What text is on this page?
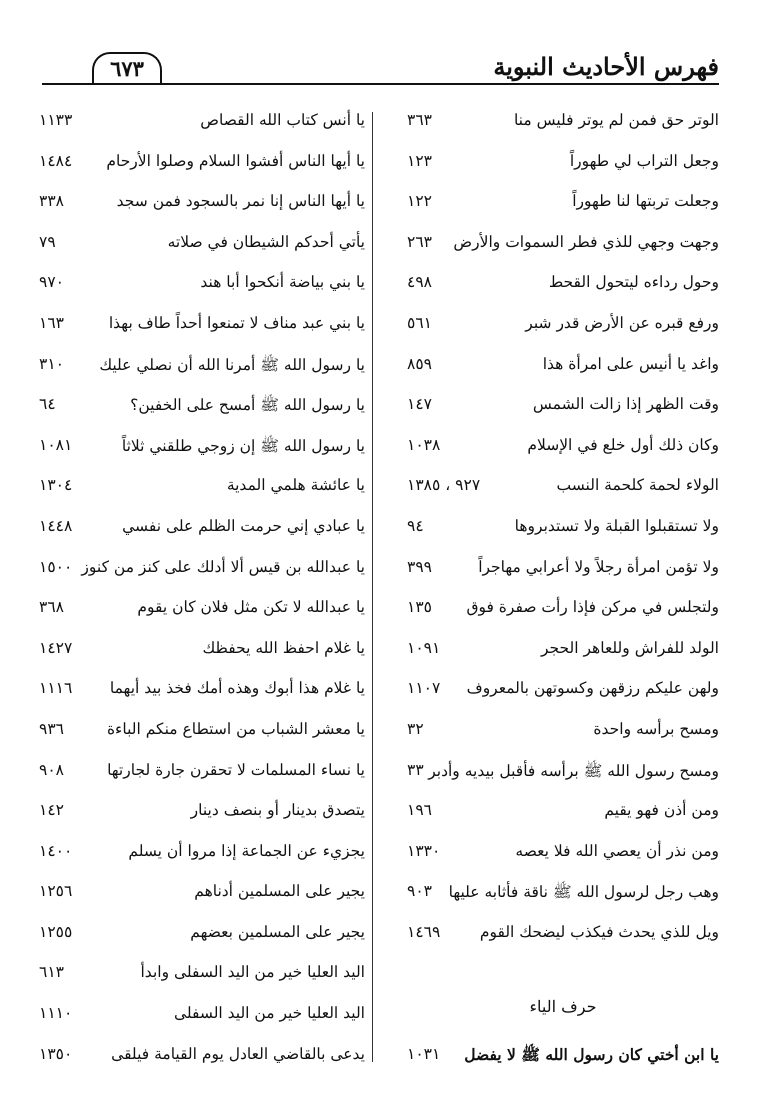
فهرس الأحاديث النبوية
٦٧٣
الوتر حق فمن لم يوتر فليس منا
٣٦٣
وجعل التراب لي طهوراً
١٢٣
وجعلت تربتها لنا طهوراً
١٢٢
وجهت وجهي للذي فطر السموات والأرض
٢٦٣
وحول رداءه ليتحول القحط
٤٩٨
ورفع قبره عن الأرض قدر شبر
٥٦١
واغد يا أنيس على امرأة هذا
٨٥٩
وقت الظهر إذا زالت الشمس
١٤٧
وكان ذلك أول خلع في الإسلام
١٠٣٨
الولاء لحمة كلحمة النسب
٩٢٧ ، ١٣٨٥
ولا تستقبلوا القبلة ولا تستدبروها
٩٤
ولا تؤمن امرأة رجلاً ولا أعرابي مهاجراً
٣٩٩
ولتجلس في مركن فإذا رأت صفرة فوق
١٣٥
الولد للفراش وللعاهر الحجر
١٠٩١
ولهن عليكم رزقهن وكسوتهن بالمعروف
١١٠٧
ومسح برأسه واحدة
٣٢
ومسح رسول الله ﷺ برأسه فأقبل بيديه وأدبر
٣٣
ومن أذن فهو يقيم
١٩٦
ومن نذر أن يعصي الله فلا يعصه
١٣٣٠
وهب رجل لرسول الله ﷺ ناقة فأثابه عليها
٩٠٣
ويل للذي يحدث فيكذب ليضحك القوم
١٤٦٩
حرف الياء
يا ابن أختي كان رسول الله ﷺ لا يفضل
١٠٣١
يا أنس كتاب الله القصاص
١١٣٣
يا أيها الناس أفشوا السلام وصلوا الأرحام
١٤٨٤
يا أيها الناس إنا نمر بالسجود فمن سجد
٣٣٨
يأتي أحدكم الشيطان في صلاته
٧٩
يا بني بياضة أنكحوا أبا هند
٩٧٠
يا بني عبد مناف لا تمنعوا أحداً طاف بهذا
١٦٣
يا رسول الله ﷺ أمرنا الله أن نصلي عليك
٣١٠
يا رسول الله ﷺ أمسح على الخفين؟
٦٤
يا رسول الله ﷺ إن زوجي طلقني ثلاثاً
١٠٨١
يا عائشة هلمي المدية
١٣٠٤
يا عبادي إني حرمت الظلم على نفسي
١٤٤٨
يا عبدالله بن قيس ألا أدلك على كنز من كنوز
١٥٠٠
يا عبدالله لا تكن مثل فلان كان يقوم
٣٦٨
يا غلام احفظ الله يحفظك
١٤٢٧
يا غلام هذا أبوك وهذه أمك فخذ بيد أيهما
١١١٦
يا معشر الشباب من استطاع منكم الباءة
٩٣٦
يا نساء المسلمات لا تحقرن جارة لجارتها
٩٠٨
يتصدق بدينار أو بنصف دينار
١٤٢
يجزيء عن الجماعة إذا مروا أن يسلم
١٤٠٠
يجير على المسلمين أدناهم
١٢٥٦
يجير على المسلمين بعضهم
١٢٥٥
اليد العليا خير من اليد السفلى وابدأ
٦١٣
اليد العليا خير من اليد السفلى
١١١٠
يدعى بالقاضي العادل يوم القيامة فيلقى
١٣٥٠
